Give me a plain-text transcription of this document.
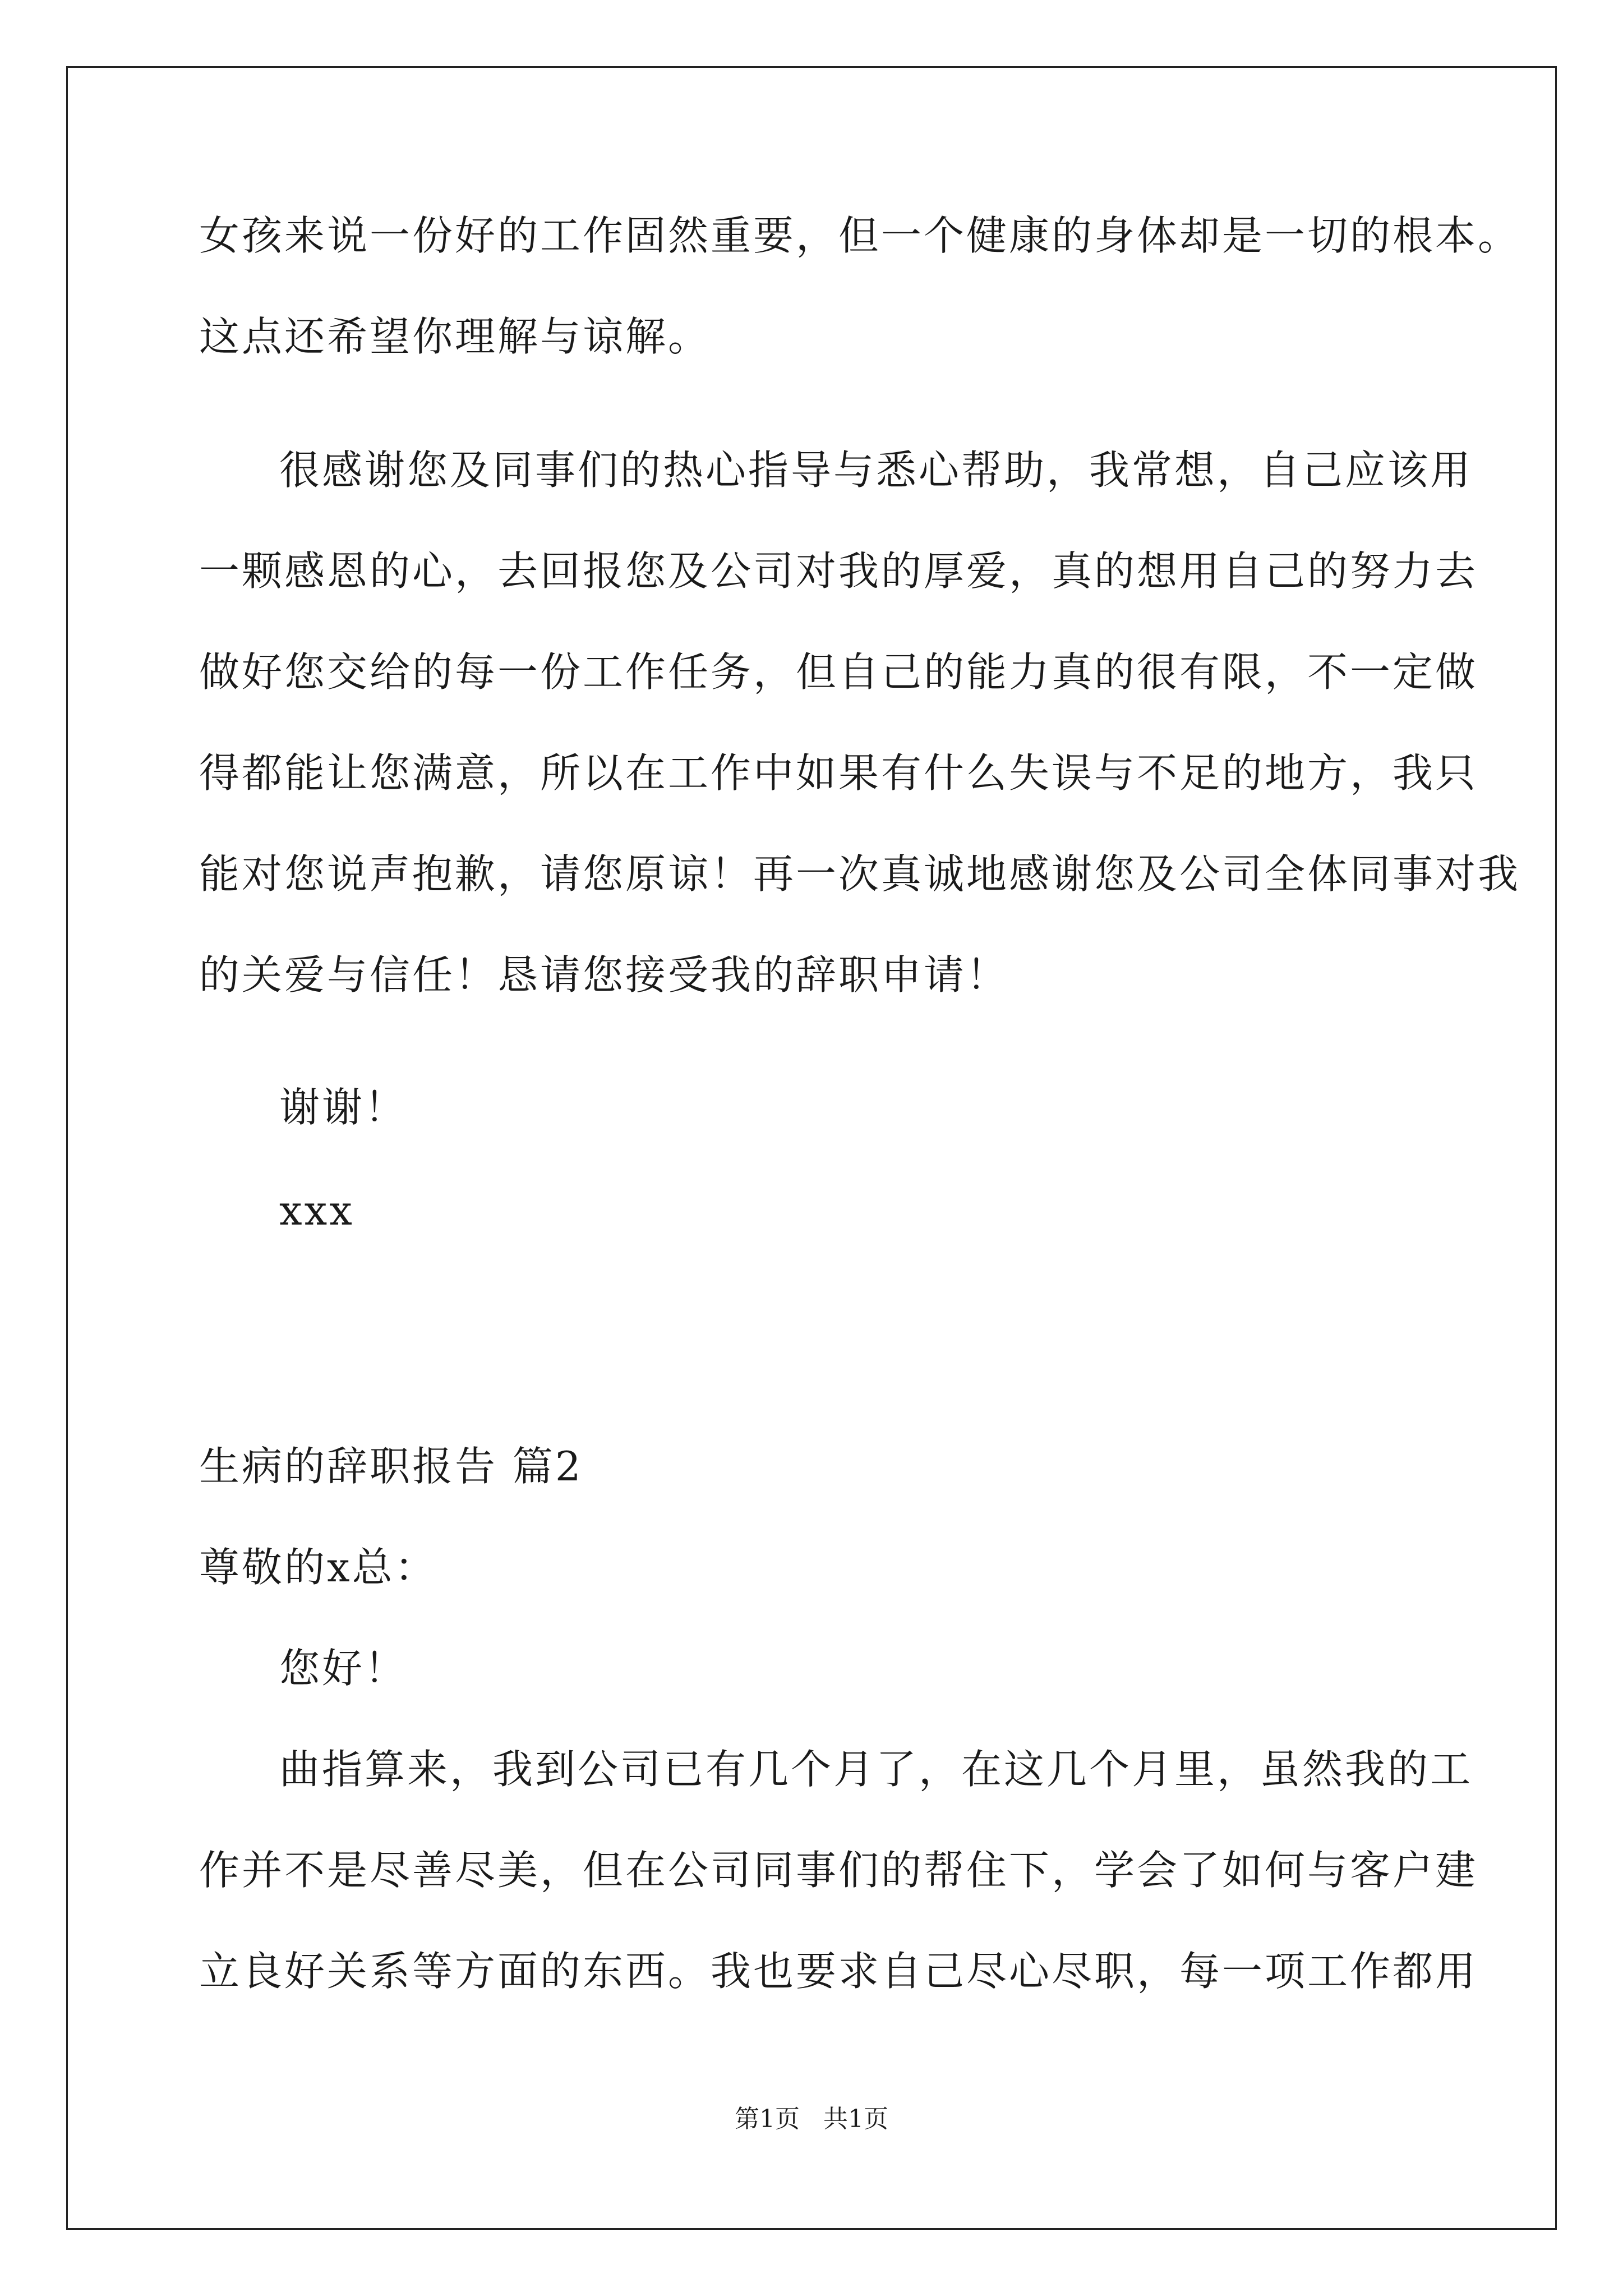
女孩来说一份好的工作固然重要，但一个健康的身体却是一切的根本。

这点还希望你理解与谅解。

很感谢您及同事们的热心指导与悉心帮助，我常想，自己应该用

一颗感恩的心，去回报您及公司对我的厚爱，真的想用自己的努力去

做好您交给的每一份工作任务，但自己的能力真的很有限，不一定做

得都能让您满意，所以在工作中如果有什么失误与不足的地方，我只

能对您说声抱歉，请您原谅！再一次真诚地感谢您及公司全体同事对我

的关爱与信任！恳请您接受我的辞职申请！

谢谢！

xxx

生病的辞职报告 篇2

尊敬的x总：

您好！

曲指算来，我到公司已有几个月了，在这几个月里，虽然我的工

作并不是尽善尽美，但在公司同事们的帮住下，学会了如何与客户建

立良好关系等方面的东西。我也要求自己尽心尽职，每一项工作都用

第1页   共1页
